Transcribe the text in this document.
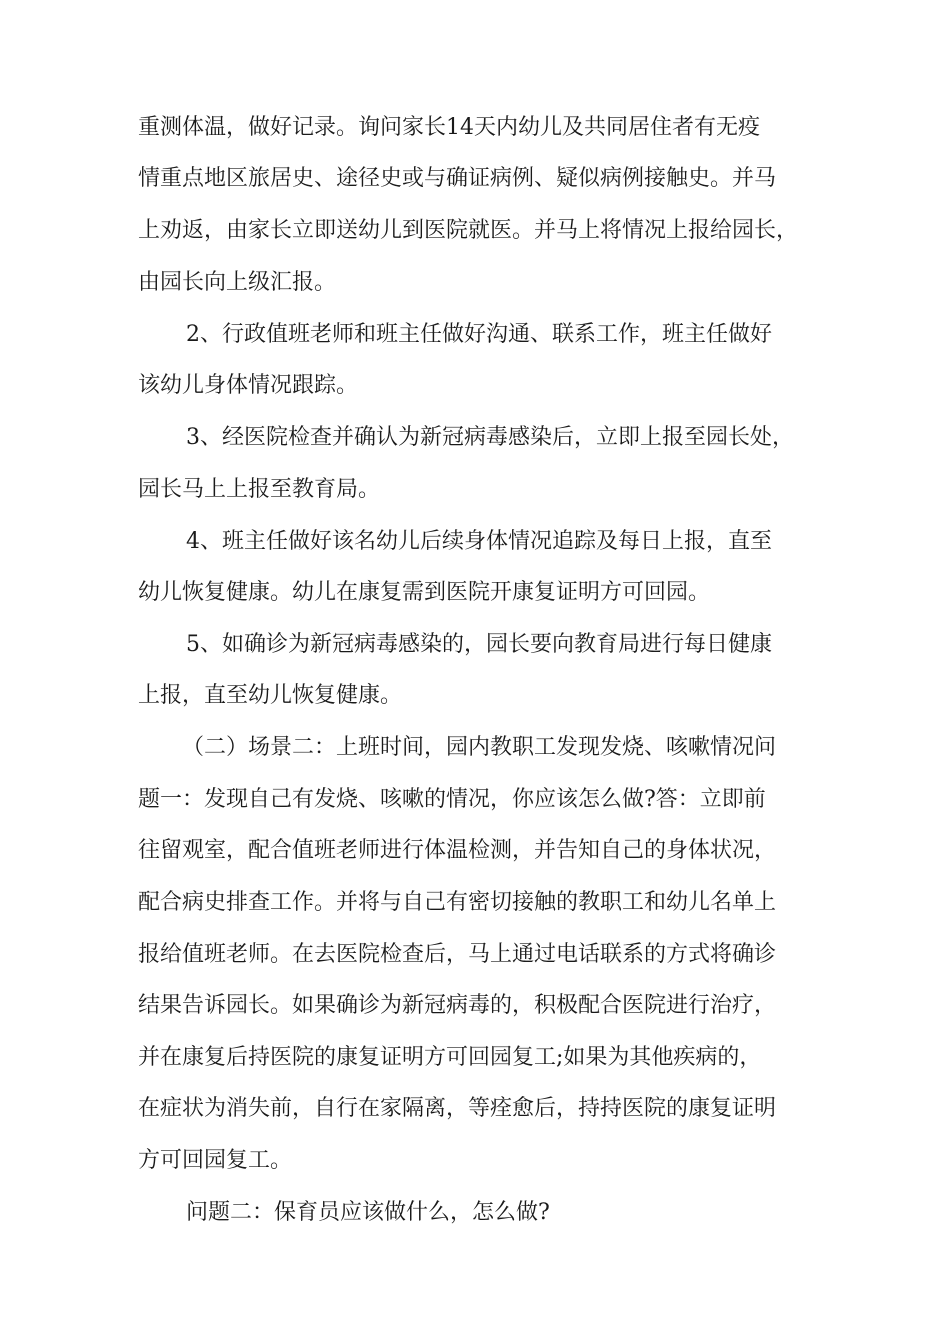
重测体温，做好记录。询问家长14天内幼儿及共同居住者有无疫
情重点地区旅居史、途径史或与确证病例、疑似病例接触史。并马
上劝返，由家长立即送幼儿到医院就医。并马上将情况上报给园长，
由园长向上级汇报。
2、行政值班老师和班主任做好沟通、联系工作，班主任做好
该幼儿身体情况跟踪。
3、经医院检查并确认为新冠病毒感染后，立即上报至园长处，
园长马上上报至教育局。
4、班主任做好该名幼儿后续身体情况追踪及每日上报，直至
幼儿恢复健康。幼儿在康复需到医院开康复证明方可回园。
5、如确诊为新冠病毒感染的，园长要向教育局进行每日健康
上报，直至幼儿恢复健康。
（二）场景二：上班时间，园内教职工发现发烧、咳嗽情况问
题一：发现自己有发烧、咳嗽的情况，你应该怎么做?答：立即前
往留观室，配合值班老师进行体温检测，并告知自己的身体状况，
配合病史排查工作。并将与自己有密切接触的教职工和幼儿名单上
报给值班老师。在去医院检查后，马上通过电话联系的方式将确诊
结果告诉园长。如果确诊为新冠病毒的，积极配合医院进行治疗，
并在康复后持医院的康复证明方可回园复工;如果为其他疾病的，
在症状为消失前，自行在家隔离，等痊愈后，持持医院的康复证明
方可回园复工。
问题二：保育员应该做什么，怎么做?
